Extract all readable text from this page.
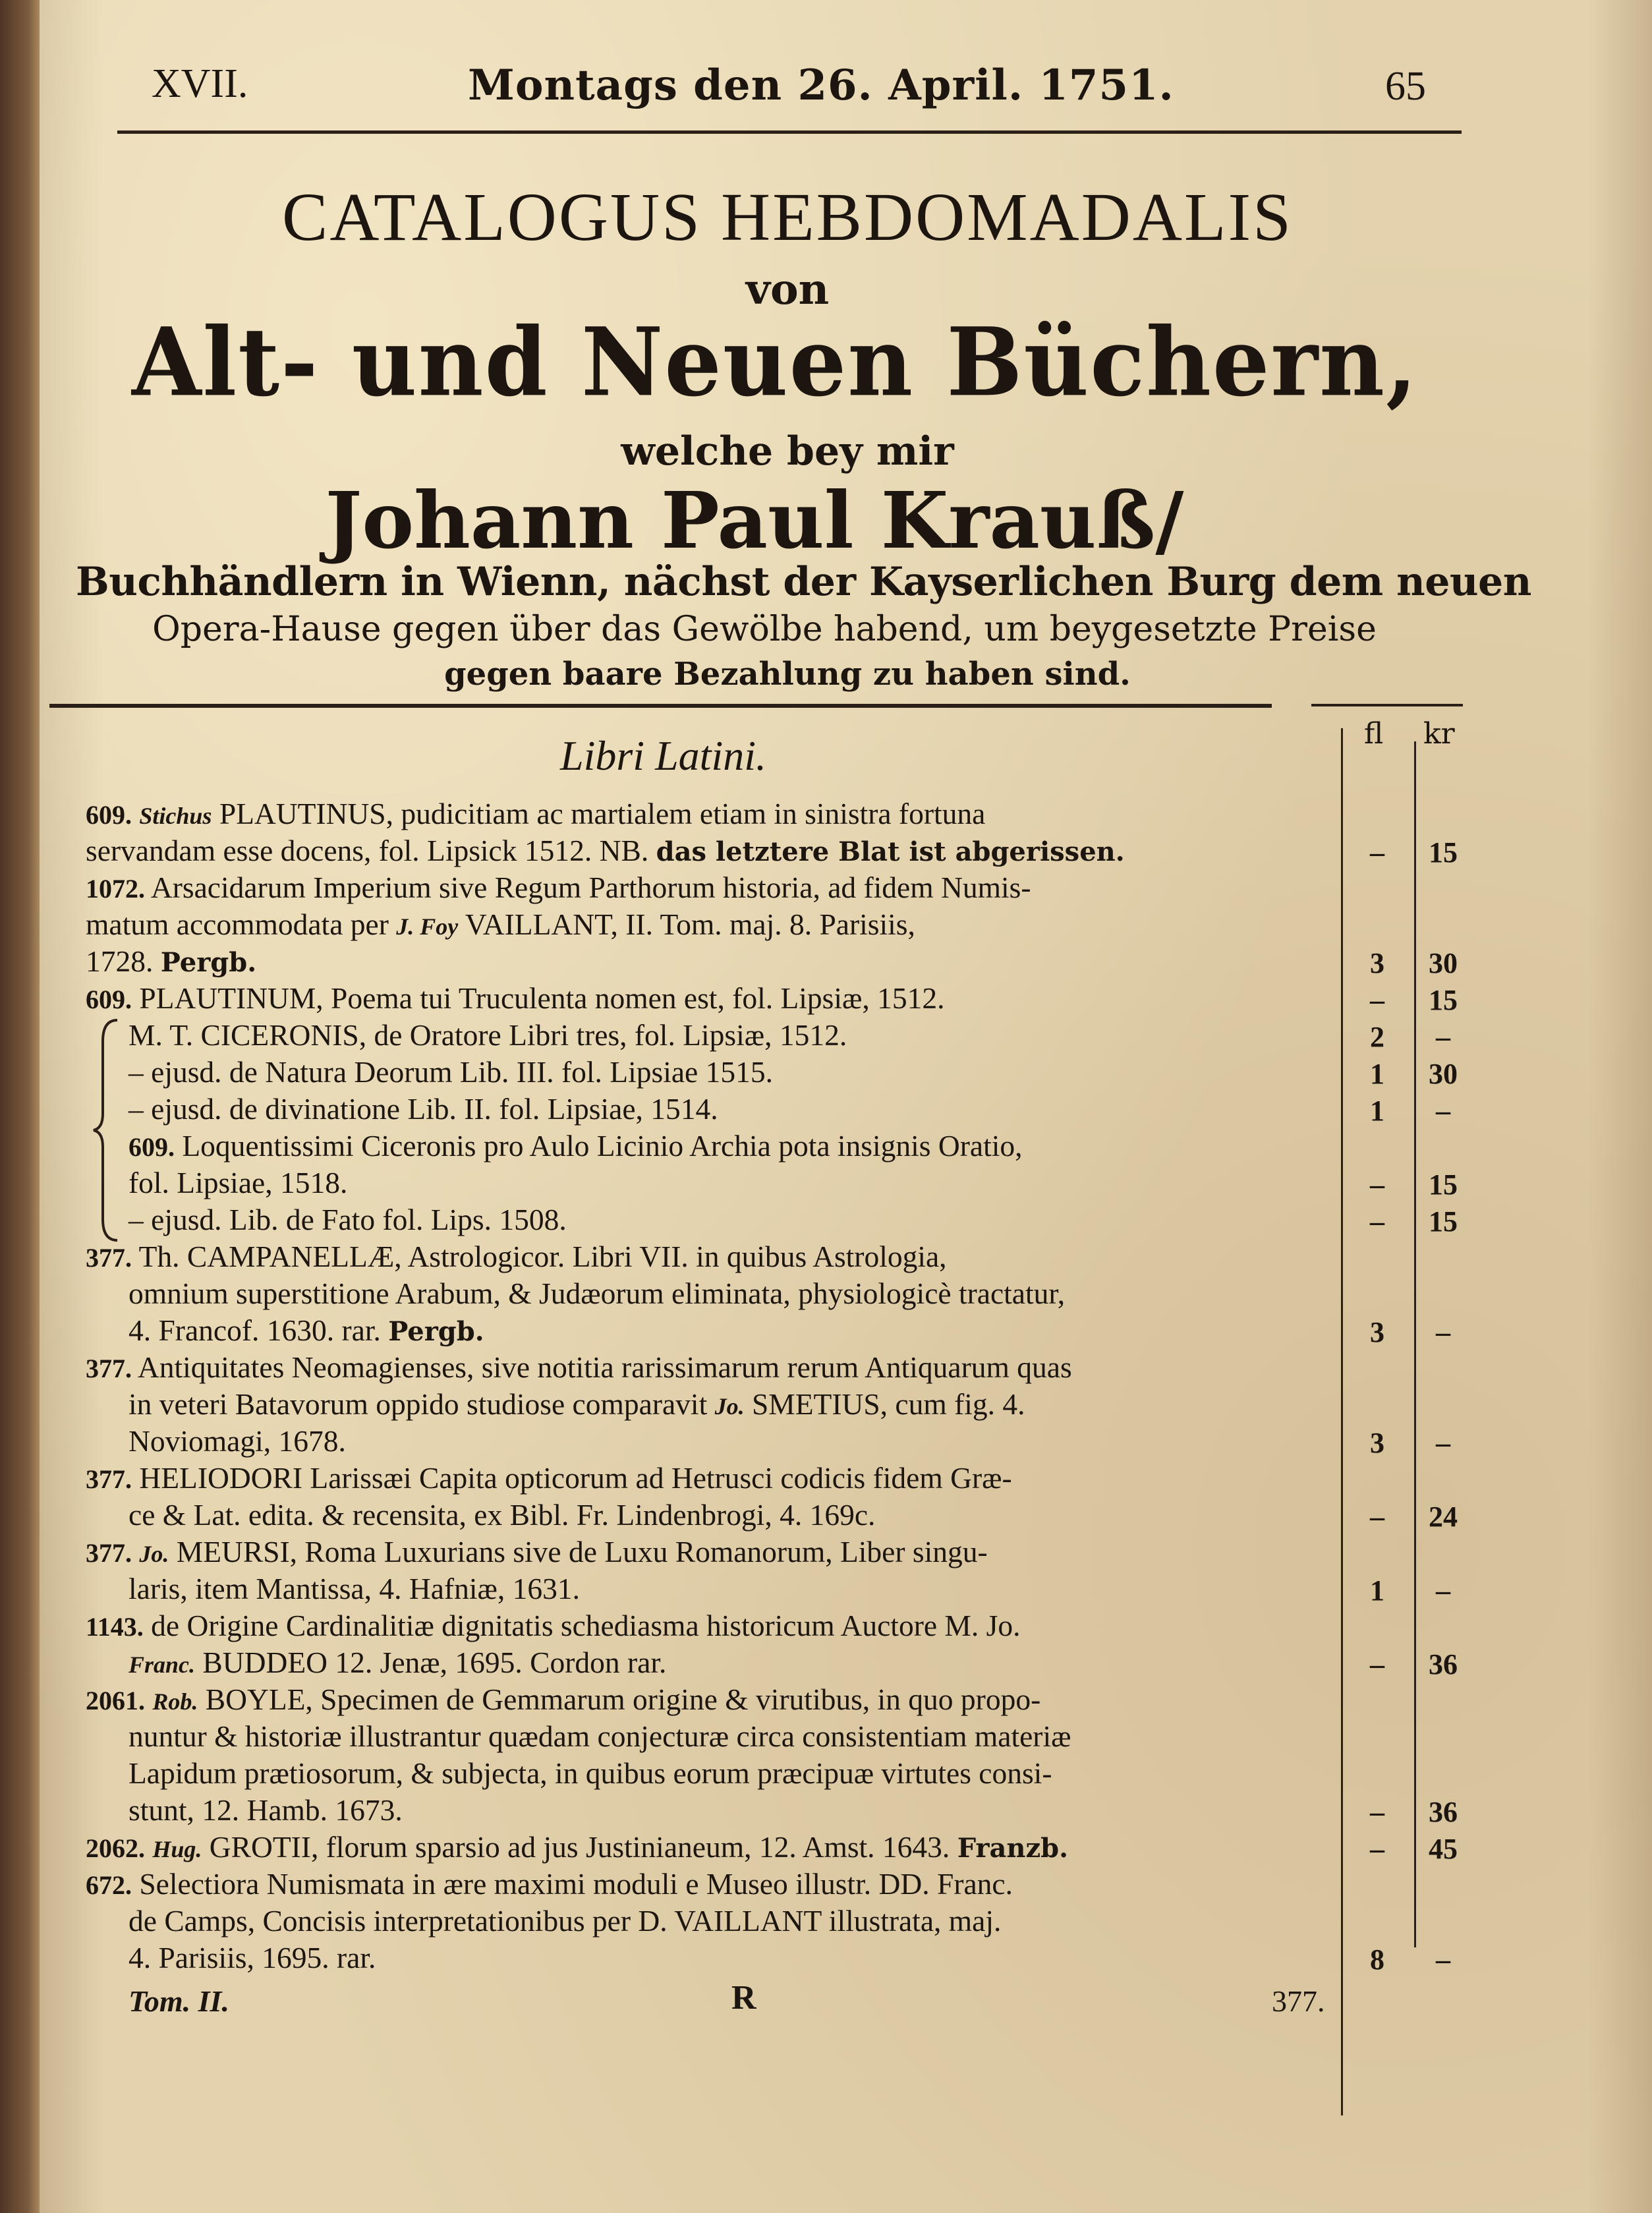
XVII.	Montags den 26. April. 1751.	65
CATALOGUS HEBDOMADALIS
von
Alt- und Neuen Büchern,
welche bey mir
Johann Paul Krauß/
Buchhändlern in Wienn, nächst der Kayserlichen Burg dem neuen
Opera-Hause gegen über das Gewölbe habend, um beygesetzte Preise
gegen baare Bezahlung zu haben sind.
Libri Latini.	fl kr
609. Stichus PLAUTINUS, pudicitiam ac martialem etiam in sinistra fortuna
servandam esse docens, fol. Lipsick 1512. NB. das letztere Blat ist abgerissen.	–	15
1072. Arsacidarum Imperium sive Regum Parthorum historia, ad fidem Numis-
matum accommodata per J. Foy VAILLANT, II. Tom. maj. 8. Parisiis,
1728. Pergb.	3	30
609. PLAUTINUM, Poema tui Truculenta nomen est, fol. Lipsiæ, 1512.	–	15
M. T. CICERONIS, de Oratore Libri tres, fol. Lipsiæ, 1512.	2	–
– ejusd. de Natura Deorum Lib. III. fol. Lipsiae 1515.	1	30
– ejusd. de divinatione Lib. II. fol. Lipsiae, 1514.	1	–
609. Loquentissimi Ciceronis pro Aulo Licinio Archia pota insignis Oratio,
fol. Lipsiae, 1518.	–	15
– ejusd. Lib. de Fato fol. Lips. 1508.	–	15
377. Th. CAMPANELLÆ, Astrologicor. Libri VII. in quibus Astrologia,
omnium superstitione Arabum, & Judæorum eliminata, physiologicè tractatur,
4. Francof. 1630. rar. Pergb.	3	–
377. Antiquitates Neomagienses, sive notitia rarissimarum rerum Antiquarum quas
in veteri Batavorum oppido studiose comparavit Jo. SMETIUS, cum fig. 4.
Noviomagi, 1678.	3	–
377. HELIODORI Larissæi Capita opticorum ad Hetrusci codicis fidem Græ-
ce & Lat. edita. & recensita, ex Bibl. Fr. Lindenbrogi, 4. 169c.	–	24
377. Jo. MEURSI, Roma Luxurians sive de Luxu Romanorum, Liber singu-
laris, item Mantissa, 4. Hafniæ, 1631.	1	–
1143. de Origine Cardinalitiæ dignitatis schediasma historicum Auctore M. Jo.
Franc. BUDDEO 12. Jenæ, 1695. Cordon rar.	–	36
2061. Rob. BOYLE, Specimen de Gemmarum origine & virutibus, in quo propo-
nuntur & historiæ illustrantur quædam conjecturæ circa consistentiam materiæ
Lapidum prætiosorum, & subjecta, in quibus eorum præcipuæ virtutes consi-
stunt, 12. Hamb. 1673.	–	36
2062. Hug. GROTII, florum sparsio ad jus Justinianeum, 12. Amst. 1643. Franzb.	–	45
672. Selectiora Numismata in ære maximi moduli e Museo illustr. DD. Franc.
de Camps, Concisis interpretationibus per D. VAILLANT illustrata, maj.
4. Parisiis, 1695. rar.	8	–
Tom. II.	R	377.
